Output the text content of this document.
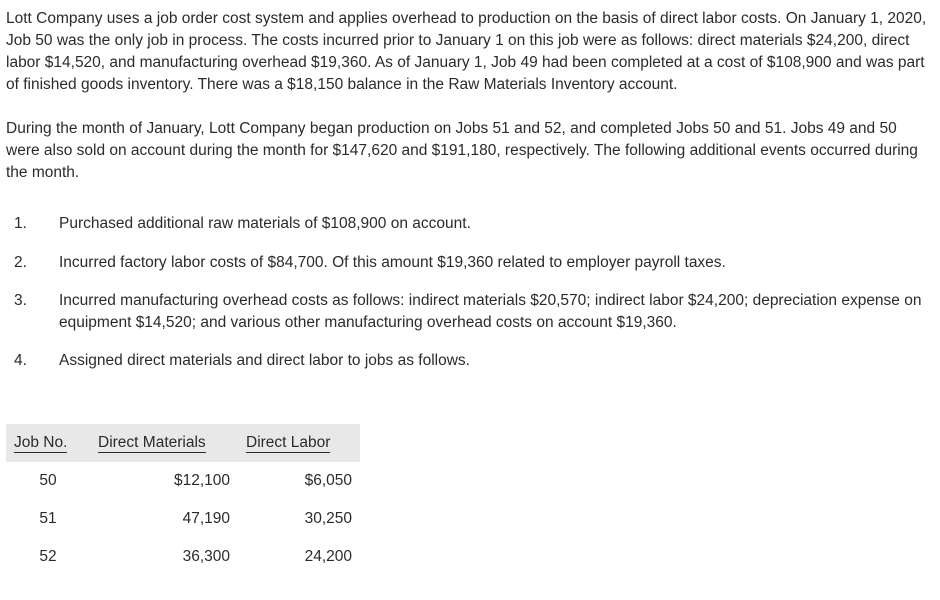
Lott Company uses a job order cost system and applies overhead to production on the basis of direct labor costs. On January 1, 2020, Job 50 was the only job in process. The costs incurred prior to January 1 on this job were as follows: direct materials $24,200, direct labor $14,520, and manufacturing overhead $19,360. As of January 1, Job 49 had been completed at a cost of $108,900 and was part of finished goods inventory. There was a $18,150 balance in the Raw Materials Inventory account.

During the month of January, Lott Company began production on Jobs 51 and 52, and completed Jobs 50 and 51. Jobs 49 and 50 were also sold on account during the month for $147,620 and $191,180, respectively. The following additional events occurred during the month.

1.	Purchased additional raw materials of $108,900 on account.
2.	Incurred factory labor costs of $84,700. Of this amount $19,360 related to employer payroll taxes.
3.	Incurred manufacturing overhead costs as follows: indirect materials $20,570; indirect labor $24,200; depreciation expense on equipment $14,520; and various other manufacturing overhead costs on account $19,360.
4.	Assigned direct materials and direct labor to jobs as follows.
Job No.	Direct Materials	Direct Labor
50	$12,100	$6,050
51	47,190	30,250
52	36,300	24,200
